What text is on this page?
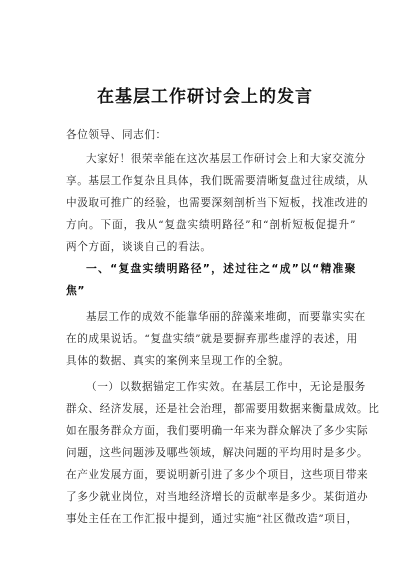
在基层工作研讨会上的发言
各位领导、同志们：
大家好！很荣幸能在这次基层工作研讨会上和大家交流分
享。基层工作复杂且具体，我们既需要清晰复盘过往成绩，从
中汲取可推广的经验，也需要深刻剖析当下短板，找准改进的
方向。下面，我从“复盘实绩明路径”和“剖析短板促提升”
两个方面，谈谈自己的看法。
一、“复盘实绩明路径”，述过往之“成”以“精准聚
焦”
基层工作的成效不能靠华丽的辞藻来堆砌，而要靠实实在
在的成果说话。“复盘实绩”就是要摒弃那些虚浮的表述，用
具体的数据、真实的案例来呈现工作的全貌。
（一）以数据锚定工作实效。在基层工作中，无论是服务
群众、经济发展，还是社会治理，都需要用数据来衡量成效。比
如在服务群众方面，我们要明确一年来为群众解决了多少实际
问题，这些问题涉及哪些领域，解决问题的平均用时是多少。
在产业发展方面，要说明新引进了多少个项目，这些项目带来
了多少就业岗位，对当地经济增长的贡献率是多少。某街道办
事处主任在工作汇报中提到，通过实施“社区微改造”项目，
